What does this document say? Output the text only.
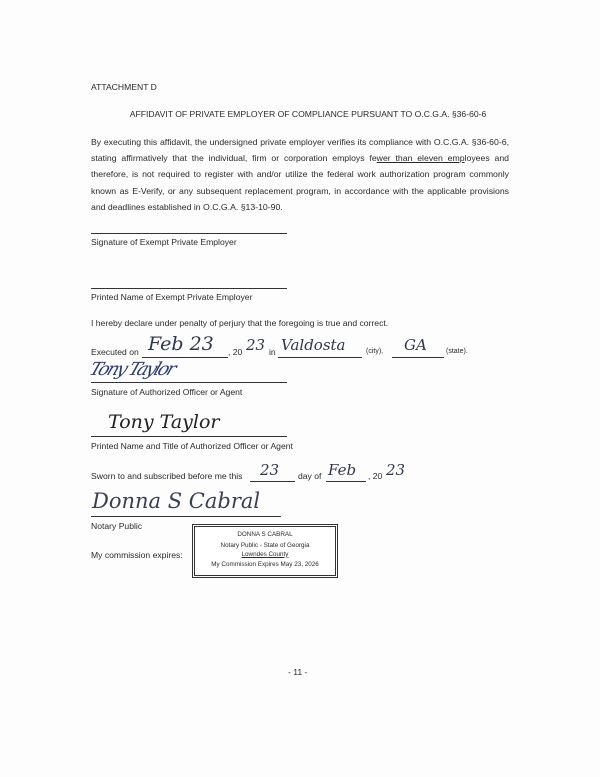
ATTACHMENT D
AFFIDAVIT OF PRIVATE EMPLOYER OF COMPLIANCE PURSUANT TO O.C.G.A. §36-60-6
By executing this affidavit, the undersigned private employer verifies its compliance with O.C.G.A. §36-60-6, stating affirmatively that the individual, firm or corporation employs fewer than eleven employees and therefore, is not required to register with and/or utilize the federal work authorization program commonly known as E-Verify, or any subsequent replacement program, in accordance with the applicable provisions and deadlines established in O.C.G.A. §13-10-90.
Signature of Exempt Private Employer
Printed Name of Exempt Private Employer
I hereby declare under penalty of perjury that the foregoing is true and correct.
Executed on Feb 23 , 20 23 in Valdosta	(city), GA	(state).
Tony Taylor
Signature of Authorized Officer or Agent
Tony Taylor
Printed Name and Title of Authorized Officer or Agent
Sworn to and subscribed before me this 23 day of Feb , 20 23
Donna S Cabral
Notary Public
My commission expires:
DONNA S CABRAL
Notary Public - State of Georgia
Lowndes County
My Commission Expires May 23, 2026
- 11 -
